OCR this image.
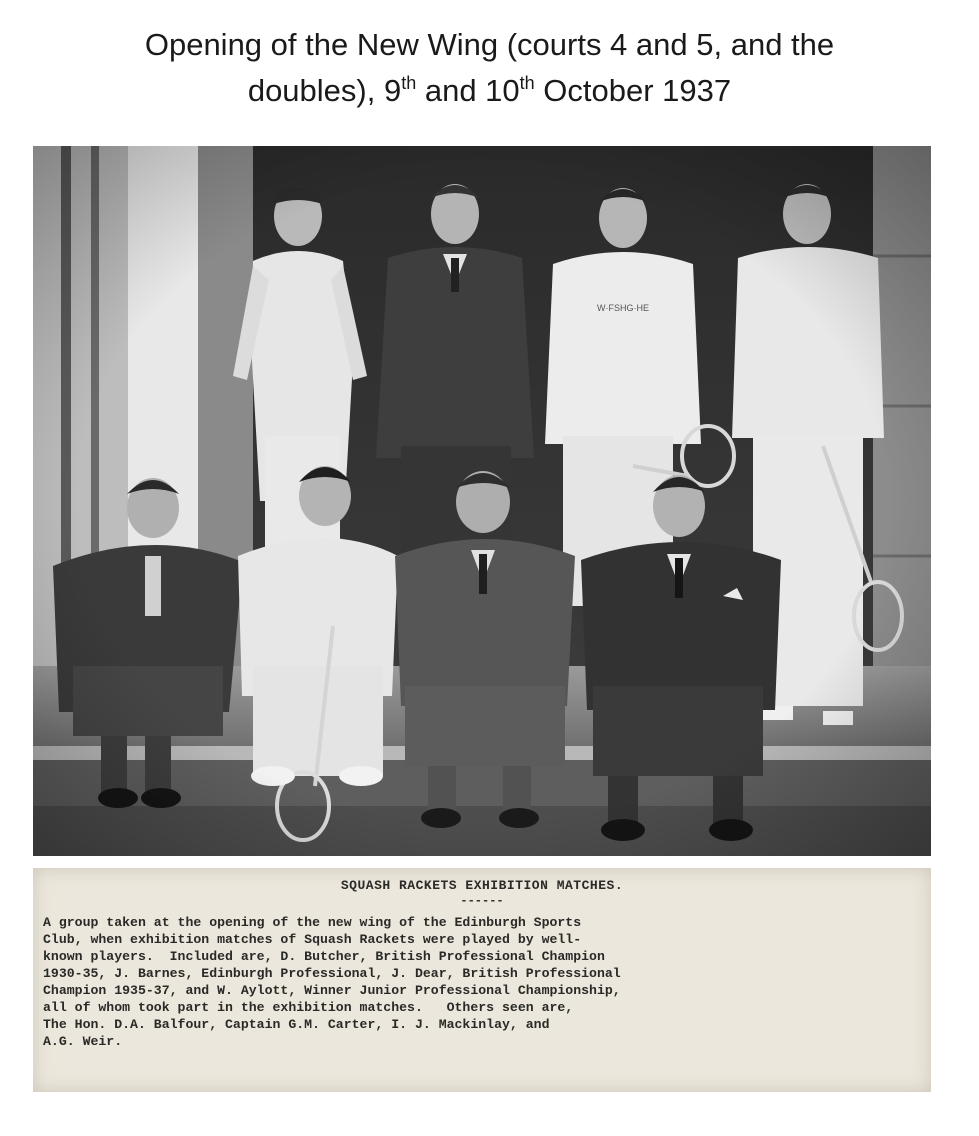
Opening of the New Wing (courts 4 and 5, and the
doubles), 9th and 10th October 1937
SQUASH RACKETS EXHIBITION MATCHES.
------
A group taken at the opening of the new wing of the Edinburgh Sports
Club, when exhibition matches of Squash Rackets were played by well-
known players.  Included are, D. Butcher, British Professional Champion
1930-35, J. Barnes, Edinburgh Professional, J. Dear, British Professional
Champion 1935-37, and W. Aylott, Winner Junior Professional Championship,
all of whom took part in the exhibition matches.   Others seen are,
The Hon. D.A. Balfour, Captain G.M. Carter, I. J. Mackinlay, and
A.G. Weir.
